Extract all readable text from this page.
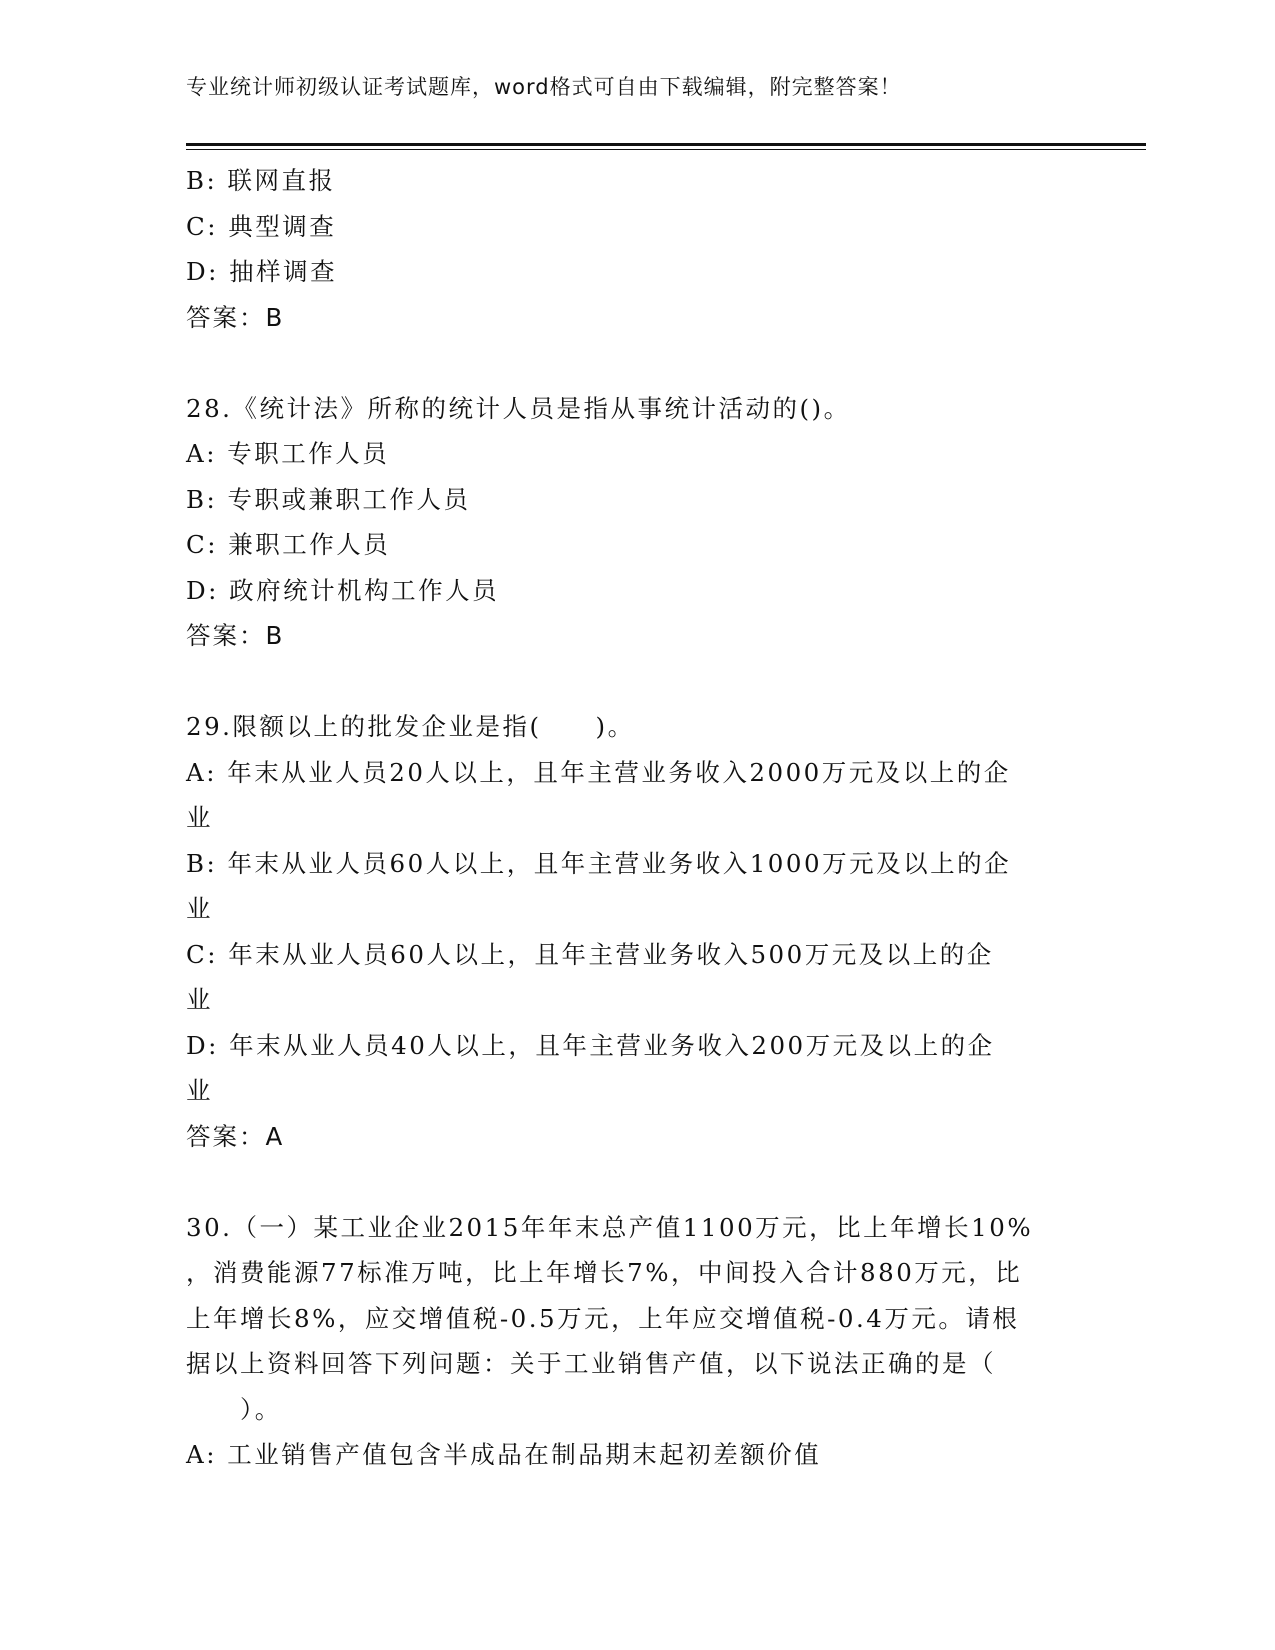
专业统计师初级认证考试题库，word格式可自由下载编辑，附完整答案！
B: 联网直报
C: 典型调查
D: 抽样调查
答案：B
28.《统计法》所称的统计人员是指从事统计活动的()。
A: 专职工作人员
B: 专职或兼职工作人员
C: 兼职工作人员
D: 政府统计机构工作人员
答案：B
29.限额以上的批发企业是指(　　)。
A: 年末从业人员20人以上，且年主营业务收入2000万元及以上的企
业
B: 年末从业人员60人以上，且年主营业务收入1000万元及以上的企
业
C: 年末从业人员60人以上，且年主营业务收入500万元及以上的企
业
D: 年末从业人员40人以上，且年主营业务收入200万元及以上的企
业
答案：A
30.（一）某工业企业2015年年末总产值1100万元，比上年增长10%
，消费能源77标准万吨，比上年增长7%，中间投入合计880万元，比
上年增长8%，应交增值税-0.5万元，上年应交增值税-0.4万元。请根
据以上资料回答下列问题：关于工业销售产值，以下说法正确的是（
　　）。
A: 工业销售产值包含半成品在制品期末起初差额价值
